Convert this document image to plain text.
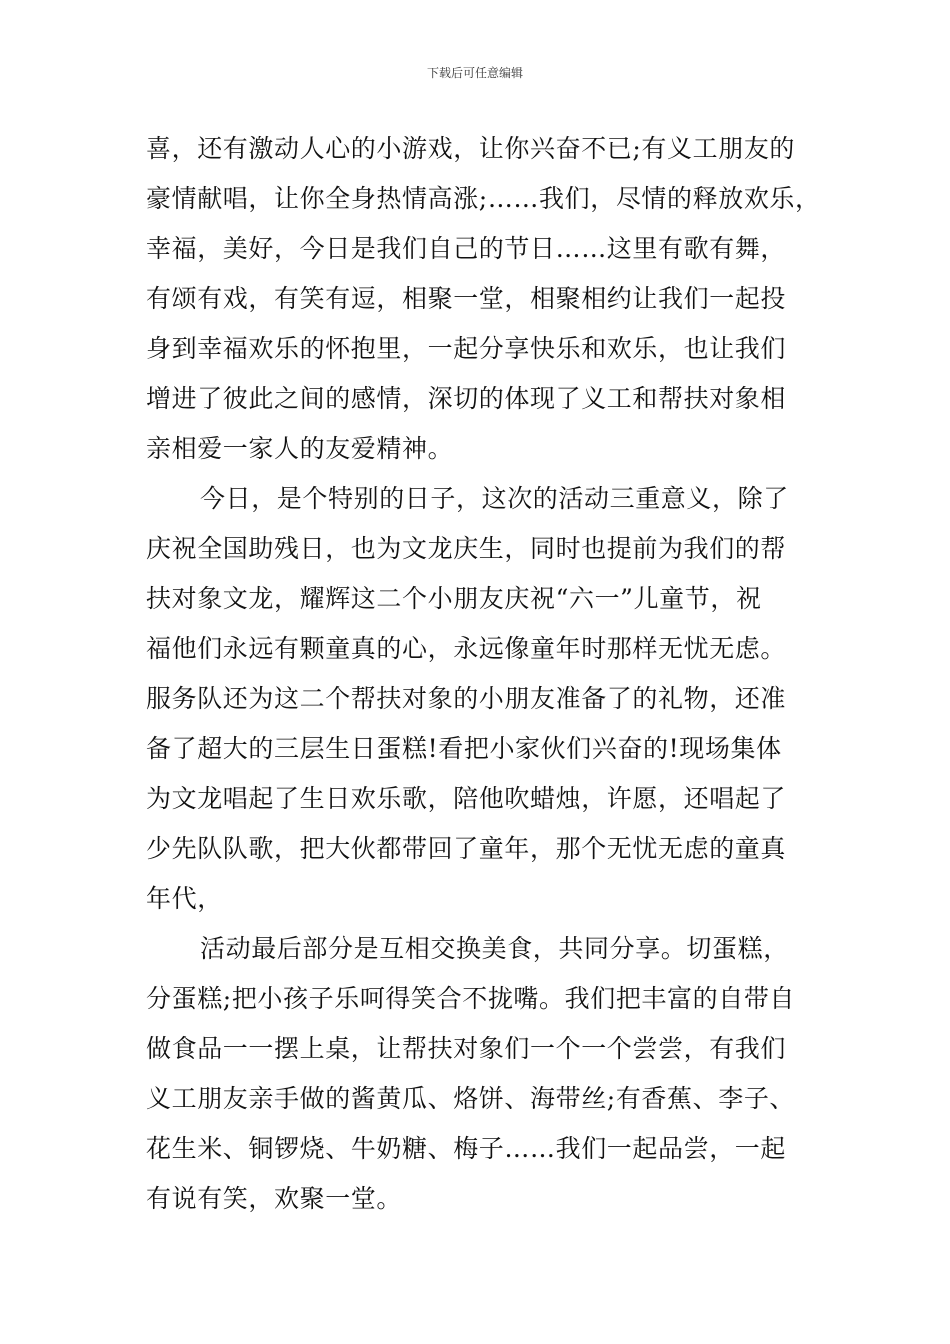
下载后可任意编辑
喜，还有激动人心的小游戏，让你兴奋不已;有义工朋友的
豪情献唱，让你全身热情高涨;……我们，尽情的释放欢乐，
幸福，美好，今日是我们自己的节日……这里有歌有舞，
有颂有戏，有笑有逗，相聚一堂，相聚相约让我们一起投
身到幸福欢乐的怀抱里，一起分享快乐和欢乐，也让我们
增进了彼此之间的感情，深切的体现了义工和帮扶对象相
亲相爱一家人的友爱精神。
今日，是个特别的日子，这次的活动三重意义，除了
庆祝全国助残日，也为文龙庆生，同时也提前为我们的帮
扶对象文龙，耀辉这二个小朋友庆祝“六一”儿童节，祝
福他们永远有颗童真的心，永远像童年时那样无忧无虑。
服务队还为这二个帮扶对象的小朋友准备了的礼物，还准
备了超大的三层生日蛋糕!看把小家伙们兴奋的!现场集体
为文龙唱起了生日欢乐歌，陪他吹蜡烛，许愿，还唱起了
少先队队歌，把大伙都带回了童年，那个无忧无虑的童真
年代，
活动最后部分是互相交换美食，共同分享。切蛋糕，
分蛋糕;把小孩子乐呵得笑合不拢嘴。我们把丰富的自带自
做食品一一摆上桌，让帮扶对象们一个一个尝尝，有我们
义工朋友亲手做的酱黄瓜、烙饼、海带丝;有香蕉、李子、
花生米、铜锣烧、牛奶糖、梅子……我们一起品尝，一起
有说有笑，欢聚一堂。
